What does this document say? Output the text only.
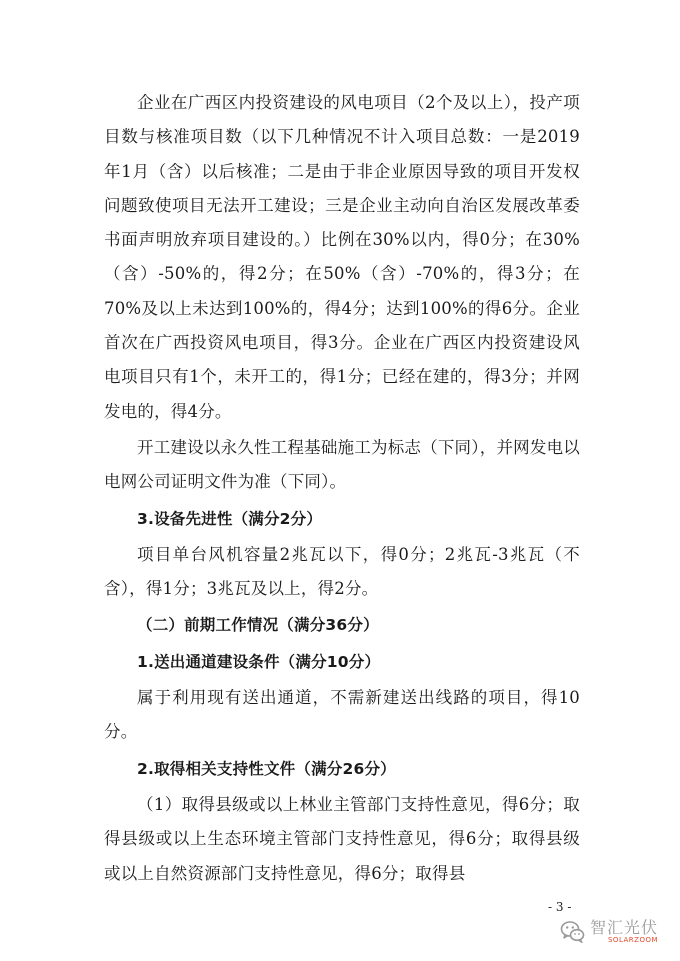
企业在广西区内投资建设的风电项目（2个及以上），投产项目数与核准项目数（以下几种情况不计入项目总数：一是2019年1月（含）以后核准；二是由于非企业原因导致的项目开发权问题致使项目无法开工建设；三是企业主动向自治区发展改革委书面声明放弃项目建设的。）比例在30%以内，得0分；在30%（含）-50%的，得2分；在50%（含）-70%的，得3分；在70%及以上未达到100%的，得4分；达到100%的得6分。企业首次在广西投资风电项目，得3分。企业在广西区内投资建设风电项目只有1个，未开工的，得1分；已经在建的，得3分；并网发电的，得4分。

开工建设以永久性工程基础施工为标志（下同），并网发电以电网公司证明文件为准（下同）。

3.设备先进性（满分2分）

项目单台风机容量2兆瓦以下，得0分；2兆瓦-3兆瓦（不含），得1分；3兆瓦及以上，得2分。

（二）前期工作情况（满分36分）

1.送出通道建设条件（满分10分）

属于利用现有送出通道，不需新建送出线路的项目，得10分。

2.取得相关支持性文件（满分26分）

（1）取得县级或以上林业主管部门支持性意见，得6分；取得县级或以上生态环境主管部门支持性意见，得6分；取得县级或以上自然资源部门支持性意见，得6分；取得县

- 3 -
智汇光伏
SOLARZOOM
